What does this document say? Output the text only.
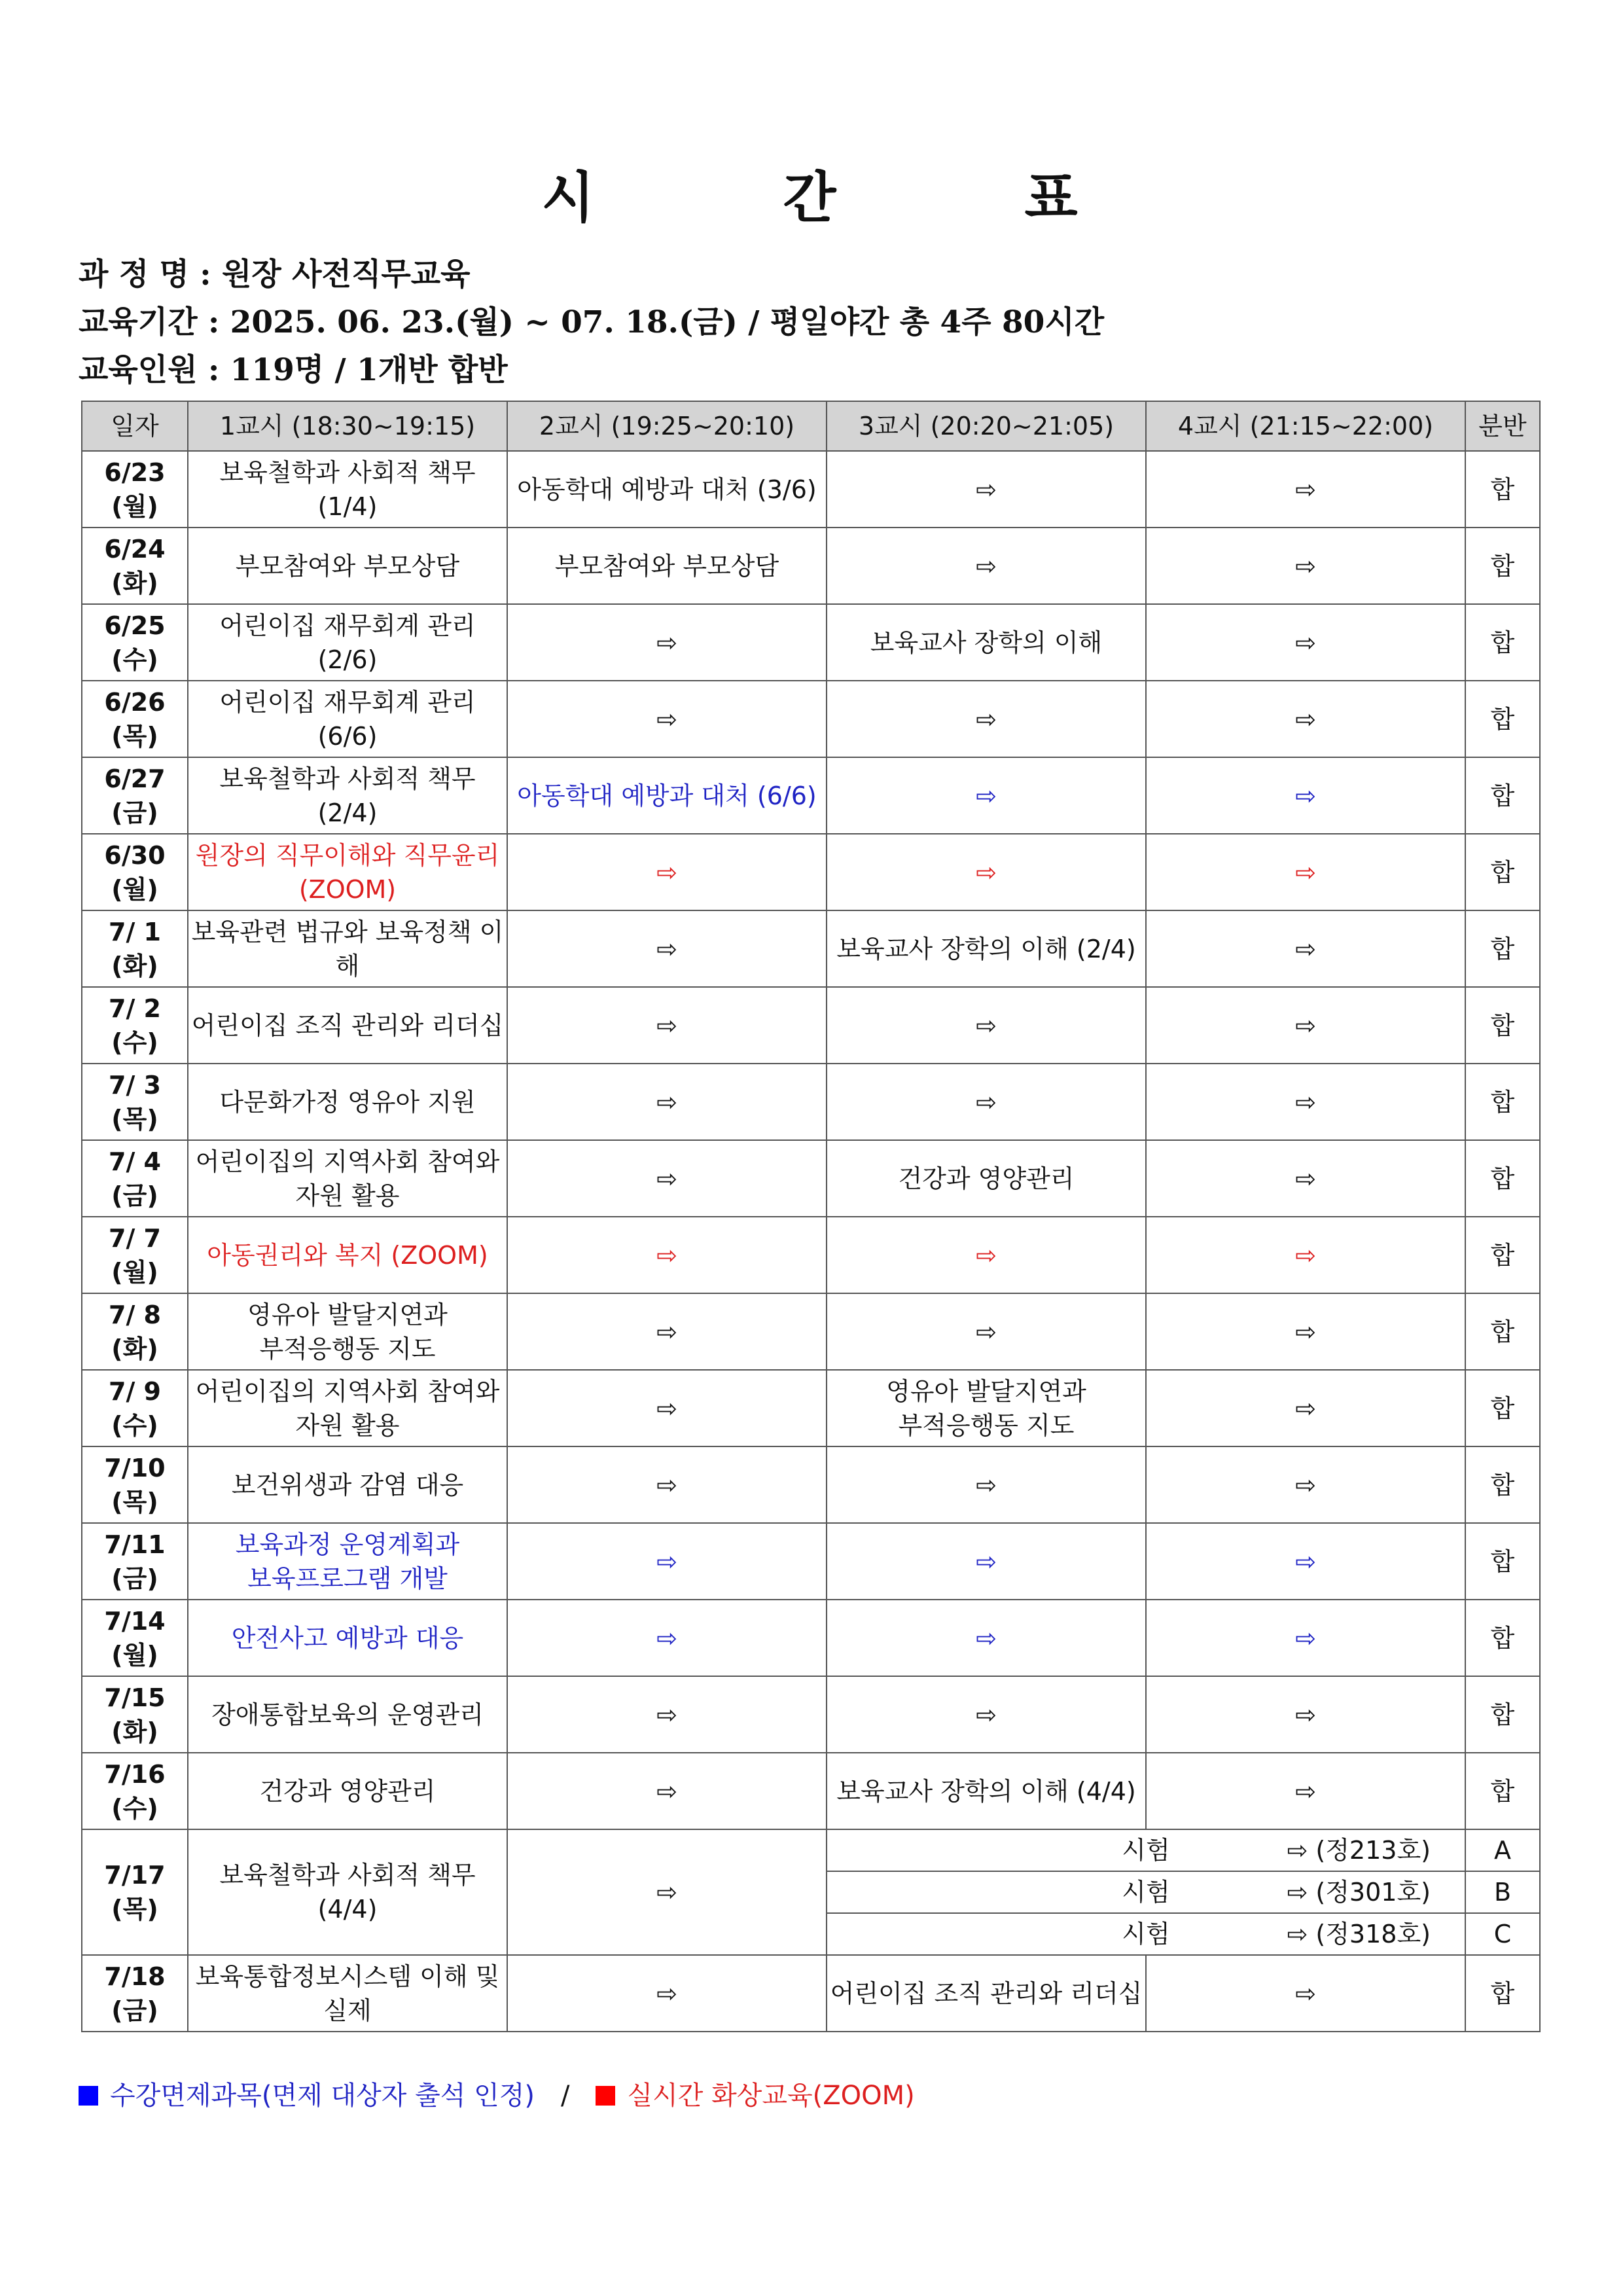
시        간        표
과 정 명 : 원장 사전직무교육
교육기간 : 2025. 06. 23.(월) ~ 07. 18.(금) / 평일야간 총 4주 80시간
교육인원 : 119명 / 1개반 합반
일자	1교시 (18:30~19:15)	2교시 (19:25~20:10)	3교시 (20:20~21:05)	4교시 (21:15~22:00)	분반

6/23
(월)	보육철학과 사회적 책무 (1/4)	아동학대 예방과 대처 (3/6)	⇨	⇨	합

6/24
(화)	부모참여와 부모상담	부모참여와 부모상담	⇨	⇨	합

6/25
(수)	어린이집 재무회계 관리 (2/6)	⇨	보육교사 장학의 이해	⇨	합

6/26
(목)	어린이집 재무회계 관리 (6/6)	⇨	⇨	⇨	합

6/27
(금)	보육철학과 사회적 책무 (2/4)	아동학대 예방과 대처 (6/6)	⇨	⇨	합

6/30
(월)	원장의 직무이해와 직무윤리
(ZOOM)	⇨	⇨	⇨	합

7/ 1
(화)	보육관련 법규와 보육정책 이해	⇨	보육교사 장학의 이해 (2/4)	⇨	합

7/ 2
(수)	어린이집 조직 관리와 리더십	⇨	⇨	⇨	합

7/ 3
(목)	다문화가정 영유아 지원	⇨	⇨	⇨	합

7/ 4
(금)	어린이집의 지역사회 참여와
자원 활용	⇨	건강과 영양관리	⇨	합

7/ 7
(월)	아동권리와 복지 (ZOOM)	⇨	⇨	⇨	합

7/ 8
(화)	영유아 발달지연과
부적응행동 지도	⇨	⇨	⇨	합

7/ 9
(수)	어린이집의 지역사회 참여와
자원 활용	⇨	영유아 발달지연과
부적응행동 지도	⇨	합

7/10
(목)	보건위생과 감염 대응	⇨	⇨	⇨	합

7/11
(금)	보육과정 운영계획과
보육프로그램 개발	⇨	⇨	⇨	합

7/14
(월)	안전사고 예방과 대응	⇨	⇨	⇨	합

7/15
(화)	장애통합보육의 운영관리	⇨	⇨	⇨	합

7/16
(수)	건강과 영양관리	⇨	보육교사 장학의 이해 (4/4)	⇨	합

7/17
(목)	보육철학과 사회적 책무 (4/4)	⇨	시험 ⇨ (정213호)		A
			시험 ⇨ (정301호)		B
			시험 ⇨ (정318호)		C

7/18
(금)	보육통합정보시스템 이해 및 실제	⇨	어린이집 조직 관리와 리더십	⇨	합
수강면제과목(면제 대상자 출석 인정) / 실시간 화상교육(ZOOM)
